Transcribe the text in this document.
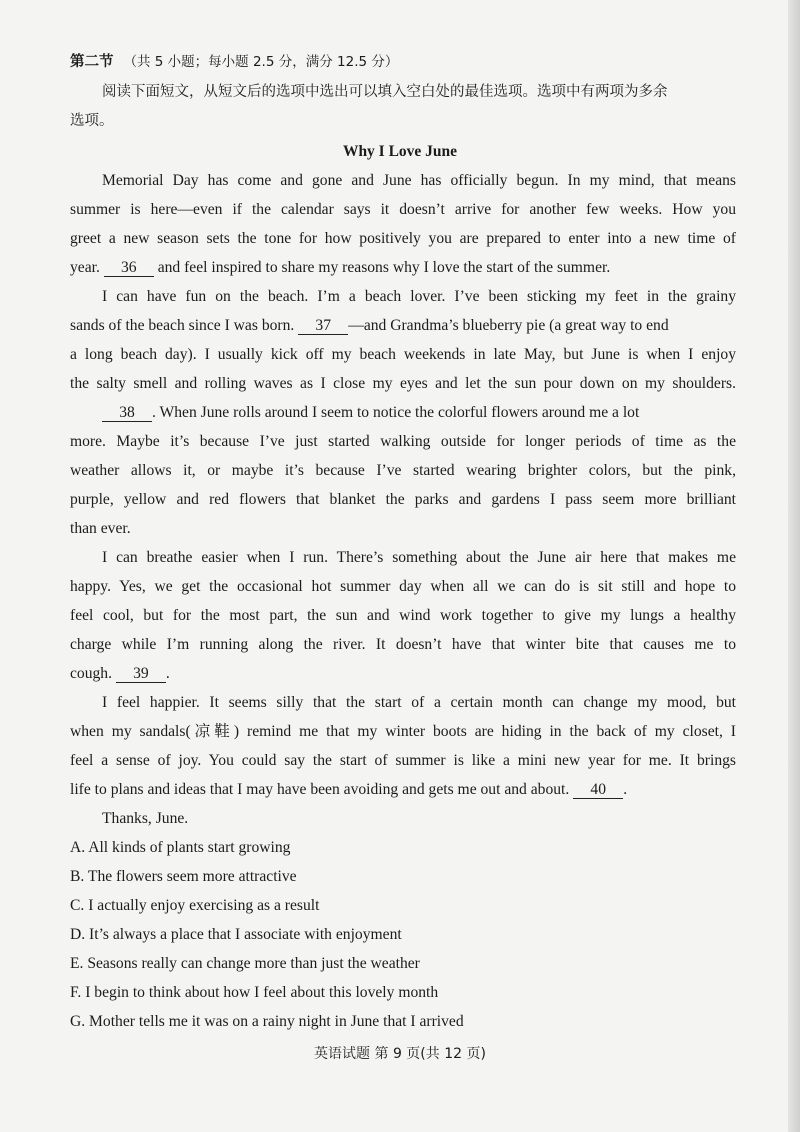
第二节 （共 5 小题；每小题 2.5 分，满分 12.5 分）
阅读下面短文，从短文后的选项中选出可以填入空白处的最佳选项。选项中有两项为多余
选项。
Why I Love June
Memorial Day has come and gone and June has officially begun. In my mind, that means
summer is here—even if the calendar says it doesn’t arrive for another few weeks. How you
greet a new season sets the tone for how positively you are prepared to enter into a new time of
year. 36 and feel inspired to share my reasons why I love the start of the summer.
I can have fun on the beach. I’m a beach lover. I’ve been sticking my feet in the grainy
sands of the beach since I was born. 37 —and Grandma’s blueberry pie (a great way to end
a long beach day). I usually kick off my beach weekends in late May, but June is when I enjoy
the salty smell and rolling waves as I close my eyes and let the sun pour down on my shoulders.
38 . When June rolls around I seem to notice the colorful flowers around me a lot
more. Maybe it’s because I’ve just started walking outside for longer periods of time as the
weather allows it, or maybe it’s because I’ve started wearing brighter colors, but the pink,
purple, yellow and red flowers that blanket the parks and gardens I pass seem more brilliant
than ever.
I can breathe easier when I run. There’s something about the June air here that makes me
happy. Yes, we get the occasional hot summer day when all we can do is sit still and hope to
feel cool, but for the most part, the sun and wind work together to give my lungs a healthy
charge while I’m running along the river. It doesn’t have that winter bite that causes me to
cough. 39 .
I feel happier. It seems silly that the start of a certain month can change my mood, but
when my sandals(凉鞋) remind me that my winter boots are hiding in the back of my closet, I
feel a sense of joy. You could say the start of summer is like a mini new year for me. It brings
life to plans and ideas that I may have been avoiding and gets me out and about. 40 .
Thanks, June.
A. All kinds of plants start growing
B. The flowers seem more attractive
C. I actually enjoy exercising as a result
D. It’s always a place that I associate with enjoyment
E. Seasons really can change more than just the weather
F. I begin to think about how I feel about this lovely month
G. Mother tells me it was on a rainy night in June that I arrived
英语试题 第 9 页(共 12 页)
